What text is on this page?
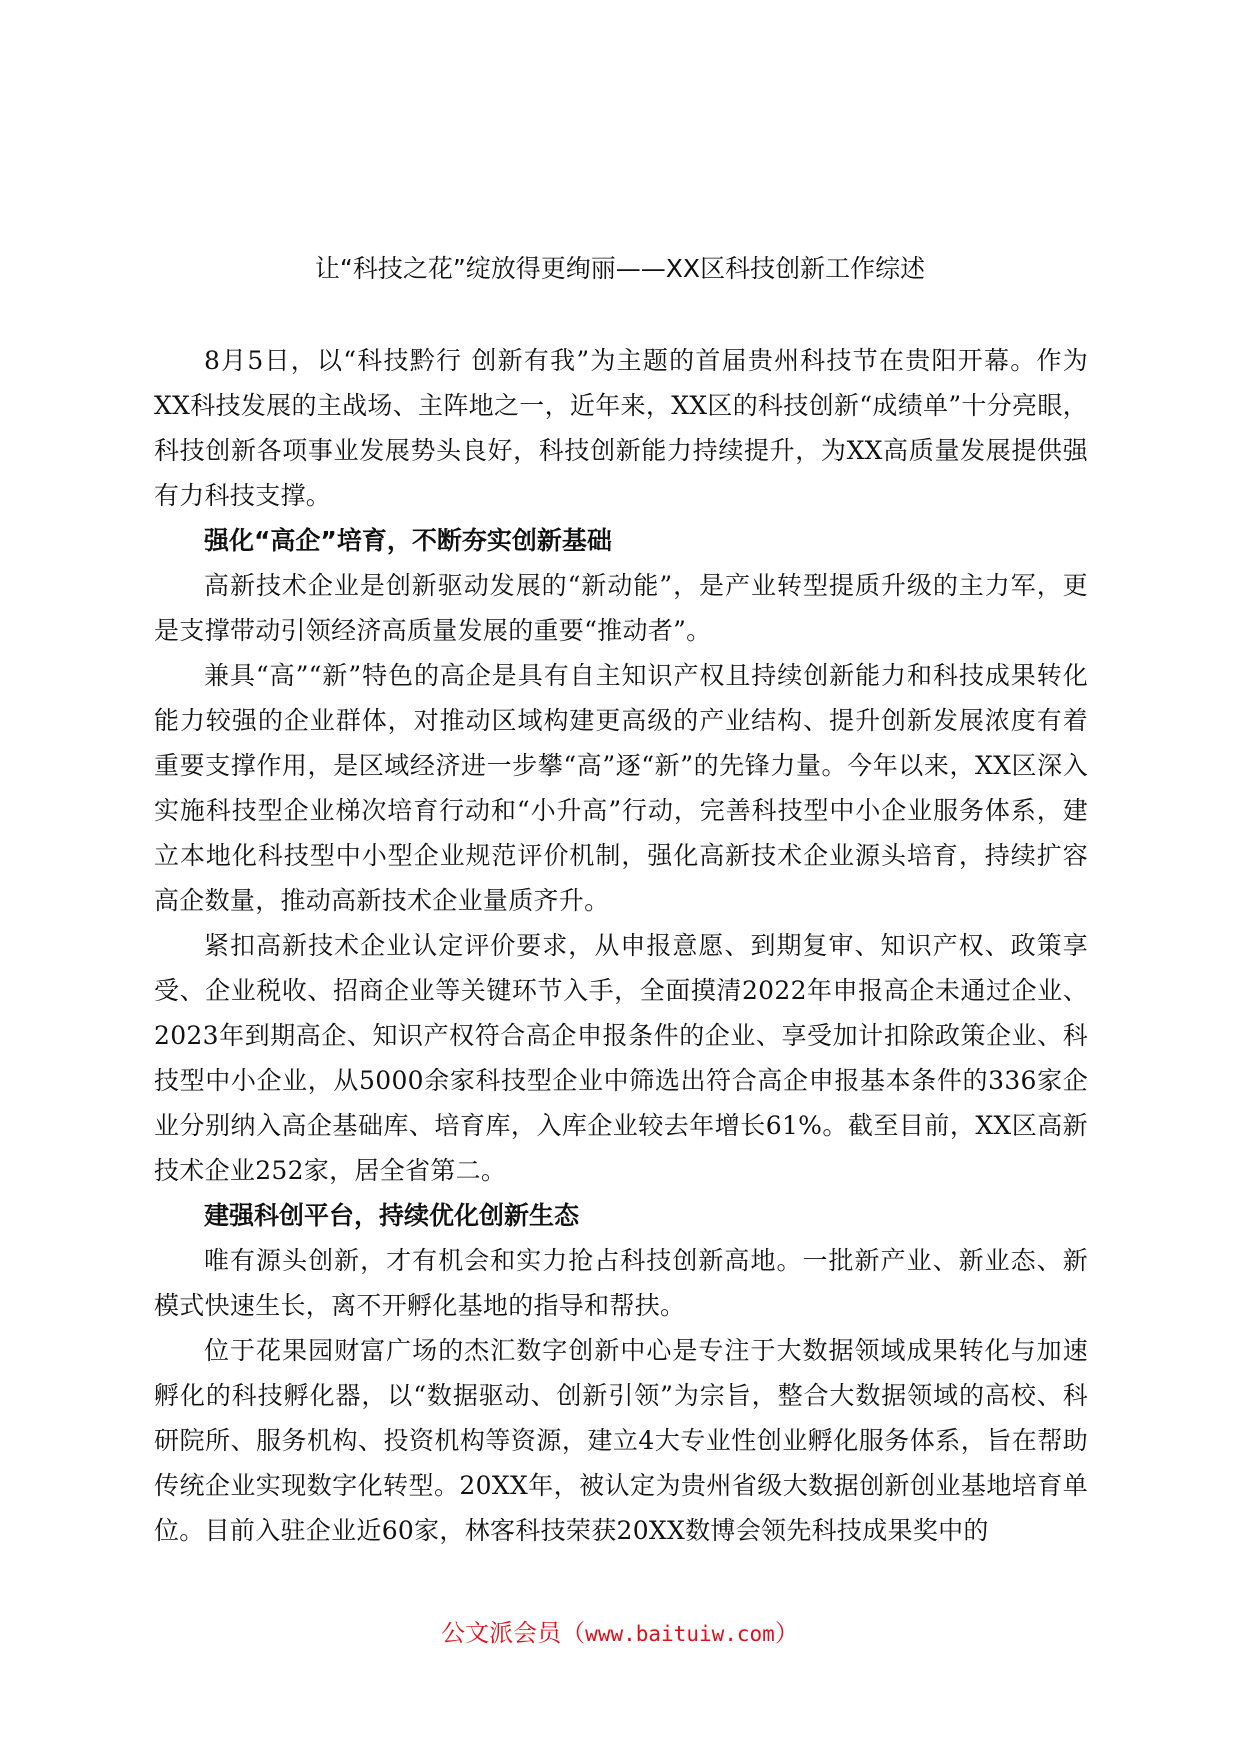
让“科技之花”绽放得更绚丽——XX区科技创新工作综述

8月5日，以“科技黔行 创新有我”为主题的首届贵州科技节在贵阳开幕。作为XX科技发展的主战场、主阵地之一，近年来，XX区的科技创新“成绩单”十分亮眼，科技创新各项事业发展势头良好，科技创新能力持续提升，为XX高质量发展提供强有力科技支撑。

强化“高企”培育，不断夯实创新基础

高新技术企业是创新驱动发展的“新动能”，是产业转型提质升级的主力军，更是支撑带动引领经济高质量发展的重要“推动者”。

兼具“高”“新”特色的高企是具有自主知识产权且持续创新能力和科技成果转化能力较强的企业群体，对推动区域构建更高级的产业结构、提升创新发展浓度有着重要支撑作用，是区域经济进一步攀“高”逐“新”的先锋力量。今年以来，XX区深入实施科技型企业梯次培育行动和“小升高”行动，完善科技型中小企业服务体系，建立本地化科技型中小型企业规范评价机制，强化高新技术企业源头培育，持续扩容高企数量，推动高新技术企业量质齐升。

紧扣高新技术企业认定评价要求，从申报意愿、到期复审、知识产权、政策享受、企业税收、招商企业等关键环节入手，全面摸清2022年申报高企未通过企业、2023年到期高企、知识产权符合高企申报条件的企业、享受加计扣除政策企业、科技型中小企业，从5000余家科技型企业中筛选出符合高企申报基本条件的336家企业分别纳入高企基础库、培育库，入库企业较去年增长61%。截至目前，XX区高新技术企业252家，居全省第二。

建强科创平台，持续优化创新生态

唯有源头创新，才有机会和实力抢占科技创新高地。一批新产业、新业态、新模式快速生长，离不开孵化基地的指导和帮扶。

位于花果园财富广场的杰汇数字创新中心是专注于大数据领域成果转化与加速孵化的科技孵化器，以“数据驱动、创新引领”为宗旨，整合大数据领域的高校、科研院所、服务机构、投资机构等资源，建立4大专业性创业孵化服务体系，旨在帮助传统企业实现数字化转型。20XX年，被认定为贵州省级大数据创新创业基地培育单位。目前入驻企业近60家，林客科技荣获20XX数博会领先科技成果奖中的

公文派会员（www.baituiw.com）
